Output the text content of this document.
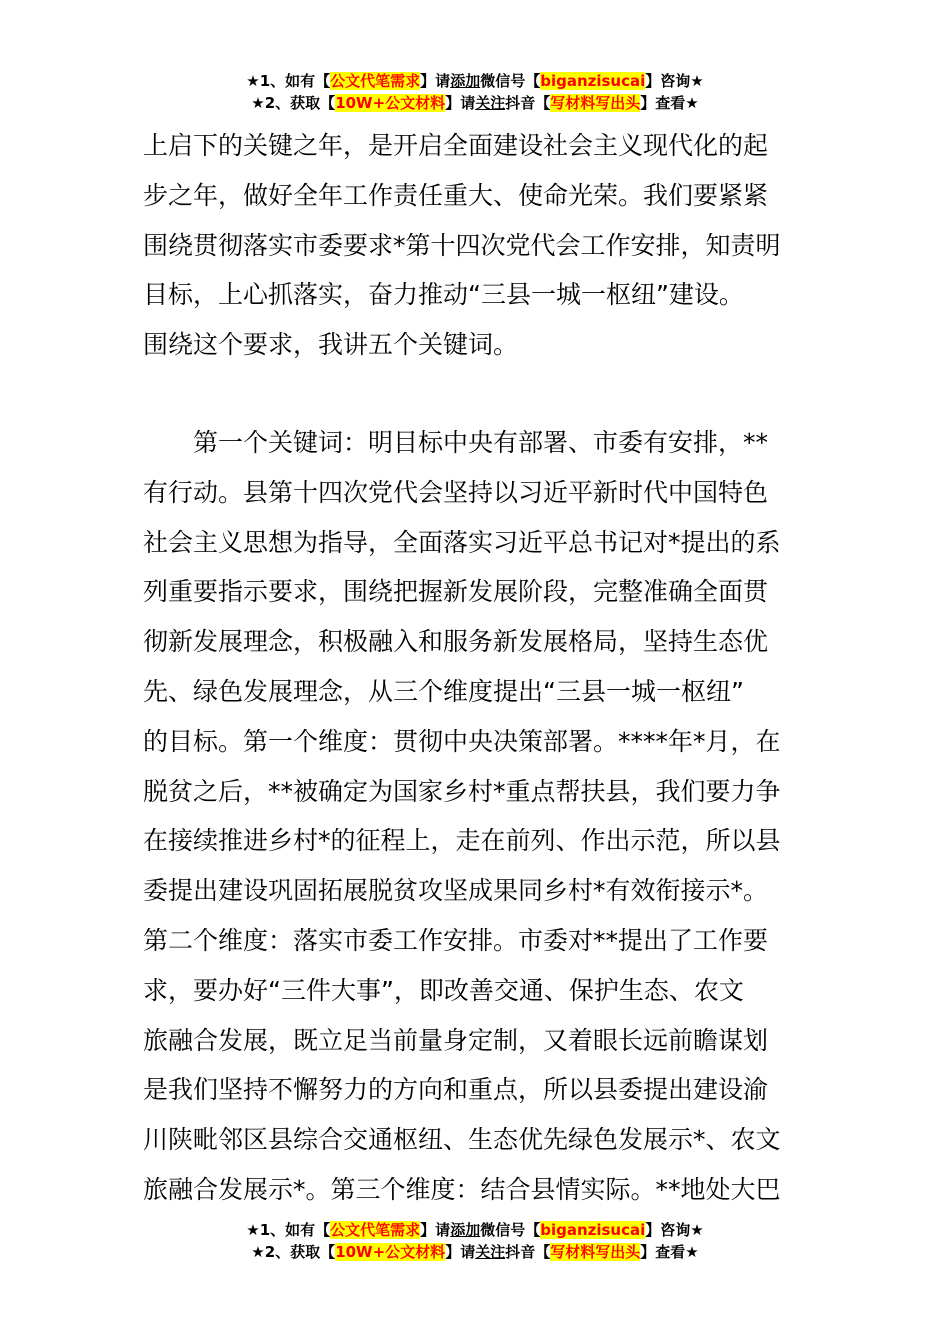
★1、如有【公文代笔需求】请添加微信号【biganzisucai】咨询★
★2、获取【10W+公文材料】请关注抖音【写材料写出头】查看★
上启下的关键之年，是开启全面建设社会主义现代化的起
步之年，做好全年工作责任重大、使命光荣。我们要紧紧
围绕贯彻落实市委要求*第十四次党代会工作安排，知责明
目标，上心抓落实，奋力推动“三县一城一枢纽”建设。
围绕这个要求，我讲五个关键词。
第一个关键词：明目标中央有部署、市委有安排，**
有行动。县第十四次党代会坚持以习近平新时代中国特色
社会主义思想为指导，全面落实习近平总书记对*提出的系
列重要指示要求，围绕把握新发展阶段，完整准确全面贯
彻新发展理念，积极融入和服务新发展格局，坚持生态优
先、绿色发展理念，从三个维度提出“三县一城一枢纽”
的目标。第一个维度：贯彻中央决策部署。****年*月，在
脱贫之后，**被确定为国家乡村*重点帮扶县，我们要力争
在接续推进乡村*的征程上，走在前列、作出示范，所以县
委提出建设巩固拓展脱贫攻坚成果同乡村*有效衔接示*。
第二个维度：落实市委工作安排。市委对**提出了工作要
求，要办好“三件大事”，即改善交通、保护生态、农文
旅融合发展，既立足当前量身定制，又着眼长远前瞻谋划
是我们坚持不懈努力的方向和重点，所以县委提出建设渝
川陕毗邻区县综合交通枢纽、生态优先绿色发展示*、农文
旅融合发展示*。第三个维度：结合县情实际。**地处大巴
★1、如有【公文代笔需求】请添加微信号【biganzisucai】咨询★
★2、获取【10W+公文材料】请关注抖音【写材料写出头】查看★
